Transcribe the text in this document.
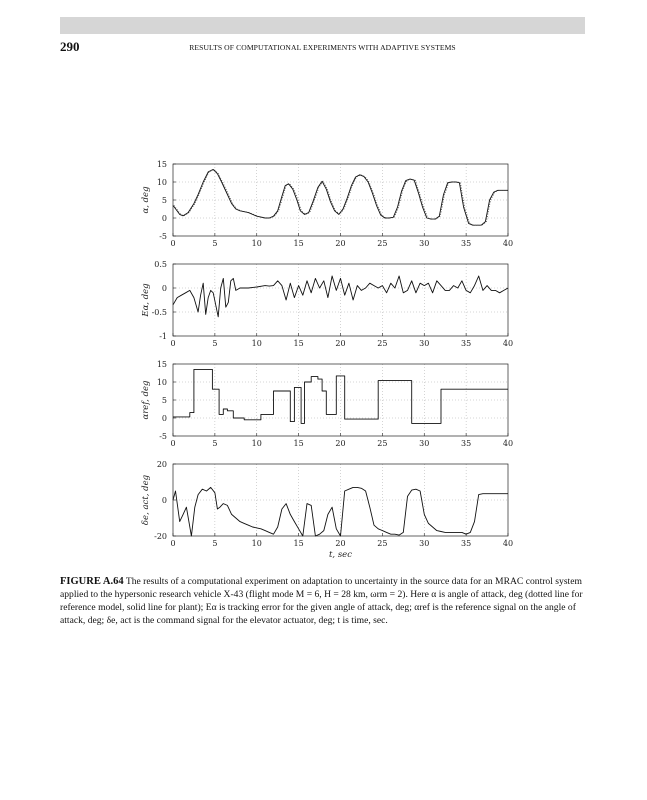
290	RESULTS OF COMPUTATIONAL EXPERIMENTS WITH ADAPTIVE SYSTEMS
0	5	10	15	20	25	30	35	40
-5
0
5
10
15
α, deg
0	5	10	15	20	25	30	35	40
-1
-0.5
0
0.5
Eα, deg
0	5	10	15	20	25	30	35	40
-5
0
5
10
15
αref, deg
0	5	10	15	20	25	30	35	40
-20
0
20
δe, act, deg
t, sec
FIGURE A.64 The results of a computational experiment on adaptation to uncertainty in the source data for an MRAC control system applied to the hypersonic research vehicle X-43 (flight mode M = 6, H = 28 km, ωrm = 2). Here α is angle of attack, deg (dotted line for reference model, solid line for plant); Eα is tracking error for the given angle of attack, deg; αref is the reference signal on the angle of attack, deg; δe, act is the command signal for the elevator actuator, deg; t is time, sec.
